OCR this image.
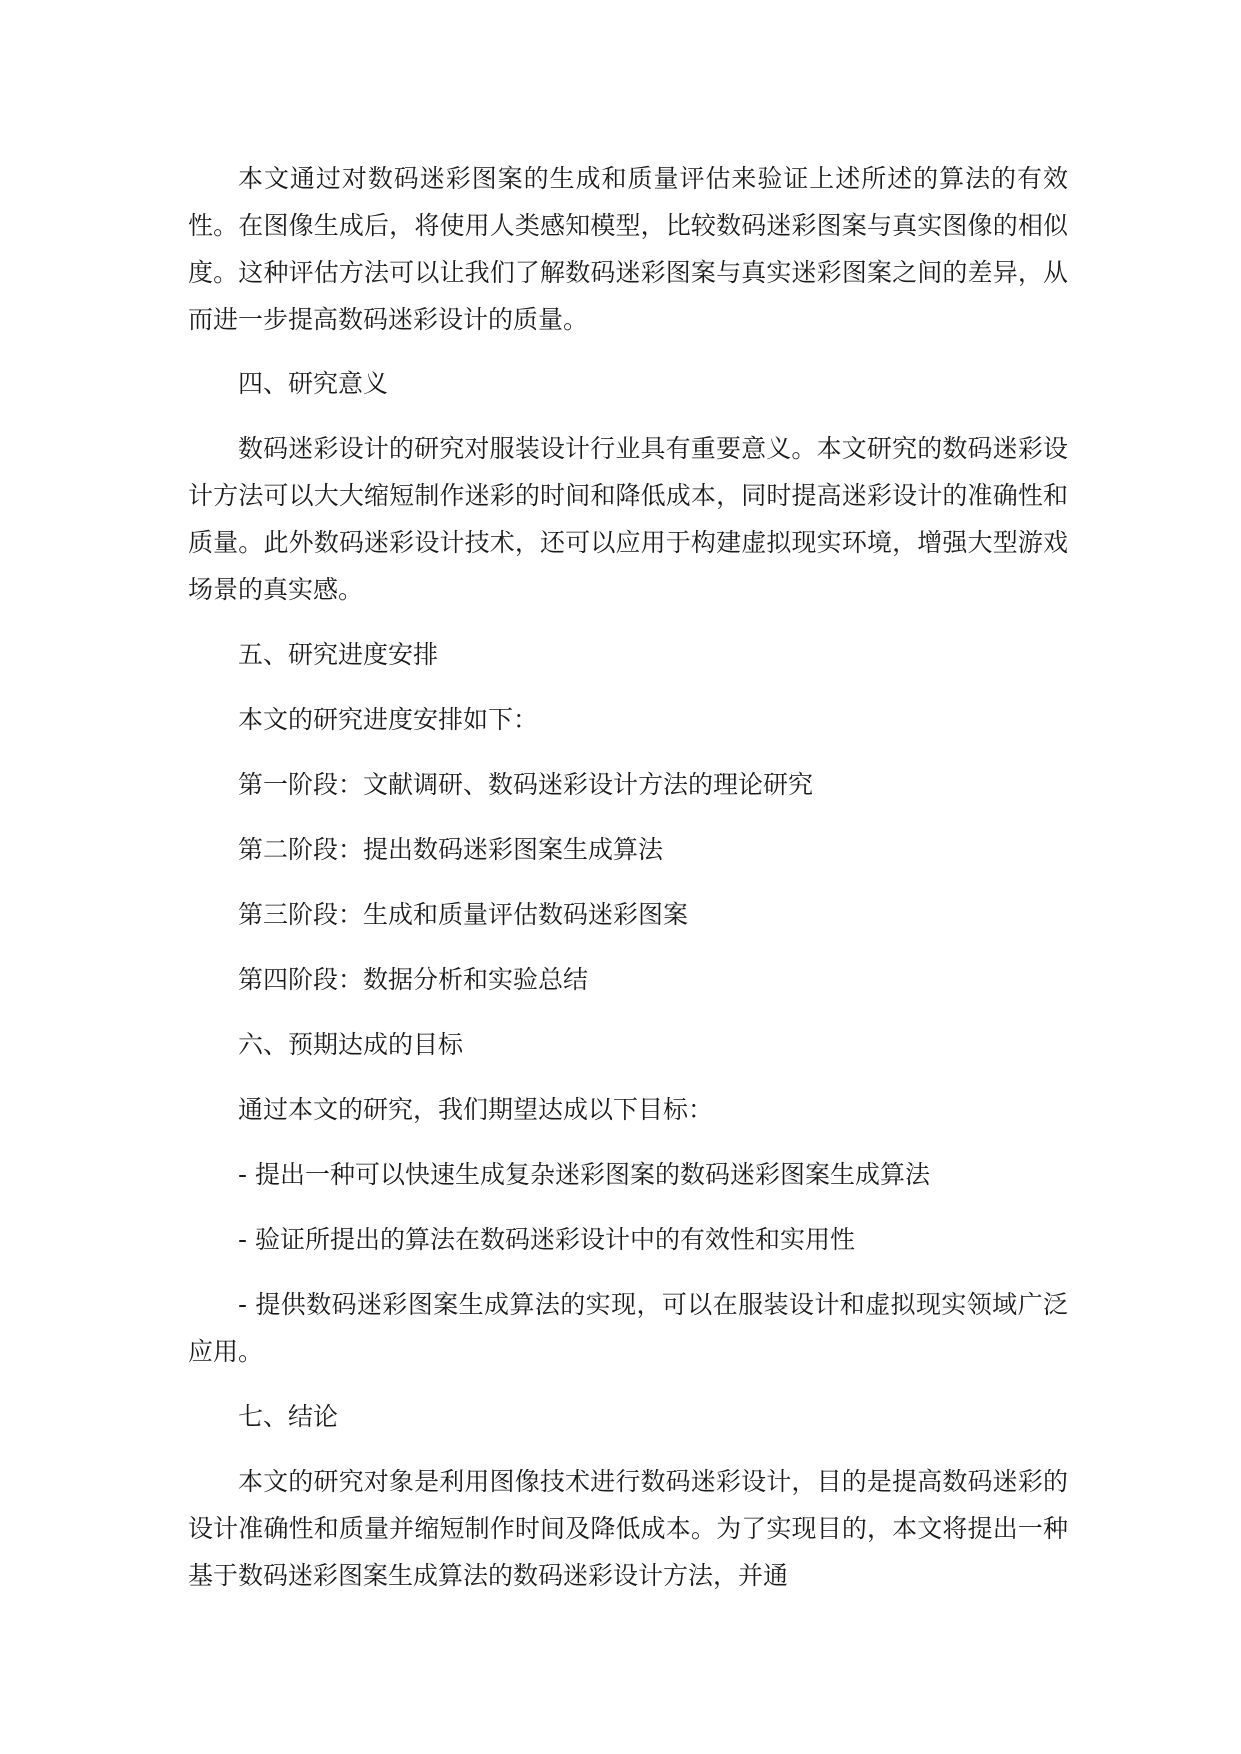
本文通过对数码迷彩图案的生成和质量评估来验证上述所述的算法的有效性。在图像生成后，将使用人类感知模型，比较数码迷彩图案与真实图像的相似度。这种评估方法可以让我们了解数码迷彩图案与真实迷彩图案之间的差异，从而进一步提高数码迷彩设计的质量。

四、研究意义

数码迷彩设计的研究对服装设计行业具有重要意义。本文研究的数码迷彩设计方法可以大大缩短制作迷彩的时间和降低成本，同时提高迷彩设计的准确性和质量。此外数码迷彩设计技术，还可以应用于构建虚拟现实环境，增强大型游戏场景的真实感。

五、研究进度安排

本文的研究进度安排如下：

第一阶段：文献调研、数码迷彩设计方法的理论研究

第二阶段：提出数码迷彩图案生成算法

第三阶段：生成和质量评估数码迷彩图案

第四阶段：数据分析和实验总结

六、预期达成的目标

通过本文的研究，我们期望达成以下目标：

- 提出一种可以快速生成复杂迷彩图案的数码迷彩图案生成算法

- 验证所提出的算法在数码迷彩设计中的有效性和实用性

- 提供数码迷彩图案生成算法的实现，可以在服装设计和虚拟现实领域广泛应用。

七、结论

本文的研究对象是利用图像技术进行数码迷彩设计，目的是提高数码迷彩的设计准确性和质量并缩短制作时间及降低成本。为了实现目的，本文将提出一种基于数码迷彩图案生成算法的数码迷彩设计方法，并通
